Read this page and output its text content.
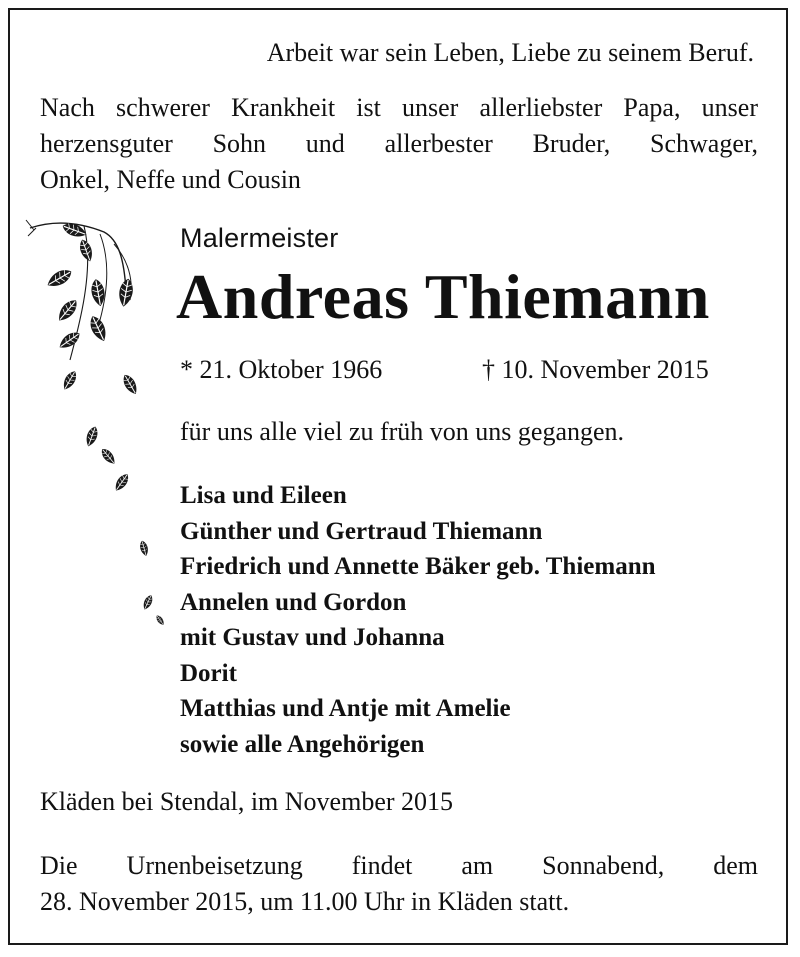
Arbeit war sein Leben, Liebe zu seinem Beruf.
Nach schwerer Krankheit ist unser allerliebster Papa, unser
herzensguter Sohn und allerbester Bruder, Schwager,
Onkel, Neffe und Cousin
Malermeister
Andreas Thiemann
* 21. Oktober 1966	† 10. November 2015
für uns alle viel zu früh von uns gegangen.
Lisa und Eileen
Günther und Gertraud Thiemann
Friedrich und Annette Bäker geb. Thiemann
Annelen und Gordon
mit Gustav und Johanna
Dorit
Matthias und Antje mit Amelie
sowie alle Angehörigen
Kläden bei Stendal, im November 2015
Die Urnenbeisetzung findet am Sonnabend, dem
28. November 2015, um 11.00 Uhr in Kläden statt.
